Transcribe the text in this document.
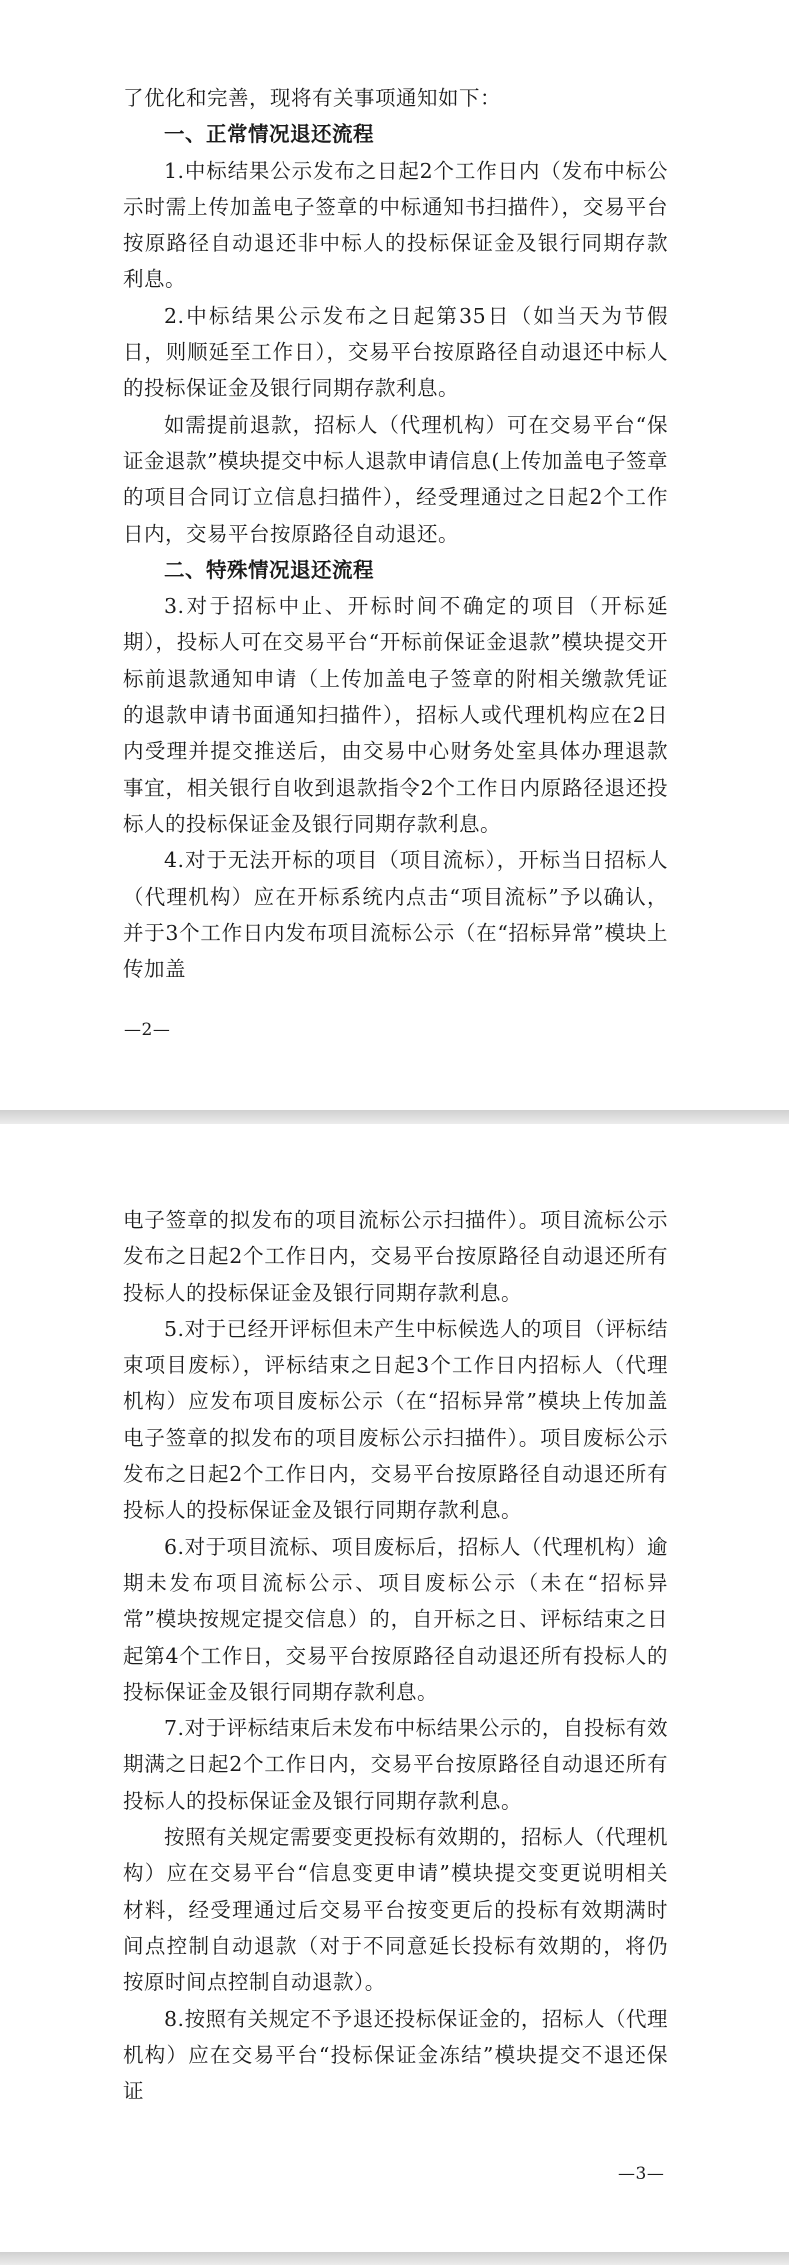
了优化和完善，现将有关事项通知如下：

一、正常情况退还流程

1.中标结果公示发布之日起2个工作日内（发布中标公示时需上传加盖电子签章的中标通知书扫描件），交易平台按原路径自动退还非中标人的投标保证金及银行同期存款利息。

2.中标结果公示发布之日起第35日（如当天为节假日，则顺延至工作日），交易平台按原路径自动退还中标人的投标保证金及银行同期存款利息。

如需提前退款，招标人（代理机构）可在交易平台“保证金退款”模块提交中标人退款申请信息(上传加盖电子签章的项目合同订立信息扫描件），经受理通过之日起2个工作日内，交易平台按原路径自动退还。

二、特殊情况退还流程

3.对于招标中止、开标时间不确定的项目（开标延期），投标人可在交易平台“开标前保证金退款”模块提交开标前退款通知申请（上传加盖电子签章的附相关缴款凭证的退款申请书面通知扫描件），招标人或代理机构应在2日内受理并提交推送后，由交易中心财务处室具体办理退款事宜，相关银行自收到退款指令2个工作日内原路径退还投标人的投标保证金及银行同期存款利息。

4.对于无法开标的项目（项目流标），开标当日招标人（代理机构）应在开标系统内点击“项目流标”予以确认，并于3个工作日内发布项目流标公示（在“招标异常”模块上传加盖

—2—

电子签章的拟发布的项目流标公示扫描件）。项目流标公示发布之日起2个工作日内，交易平台按原路径自动退还所有投标人的投标保证金及银行同期存款利息。

5.对于已经开评标但未产生中标候选人的项目（评标结束项目废标），评标结束之日起3个工作日内招标人（代理机构）应发布项目废标公示（在“招标异常”模块上传加盖电子签章的拟发布的项目废标公示扫描件）。项目废标公示发布之日起2个工作日内，交易平台按原路径自动退还所有投标人的投标保证金及银行同期存款利息。

6.对于项目流标、项目废标后，招标人（代理机构）逾期未发布项目流标公示、项目废标公示（未在“招标异常”模块按规定提交信息）的，自开标之日、评标结束之日起第4个工作日，交易平台按原路径自动退还所有投标人的投标保证金及银行同期存款利息。

7.对于评标结束后未发布中标结果公示的，自投标有效期满之日起2个工作日内，交易平台按原路径自动退还所有投标人的投标保证金及银行同期存款利息。

按照有关规定需要变更投标有效期的，招标人（代理机构）应在交易平台“信息变更申请”模块提交变更说明相关材料，经受理通过后交易平台按变更后的投标有效期满时间点控制自动退款（对于不同意延长投标有效期的，将仍按原时间点控制自动退款）。

8.按照有关规定不予退还投标保证金的，招标人（代理机构）应在交易平台“投标保证金冻结”模块提交不退还保证

—3—
